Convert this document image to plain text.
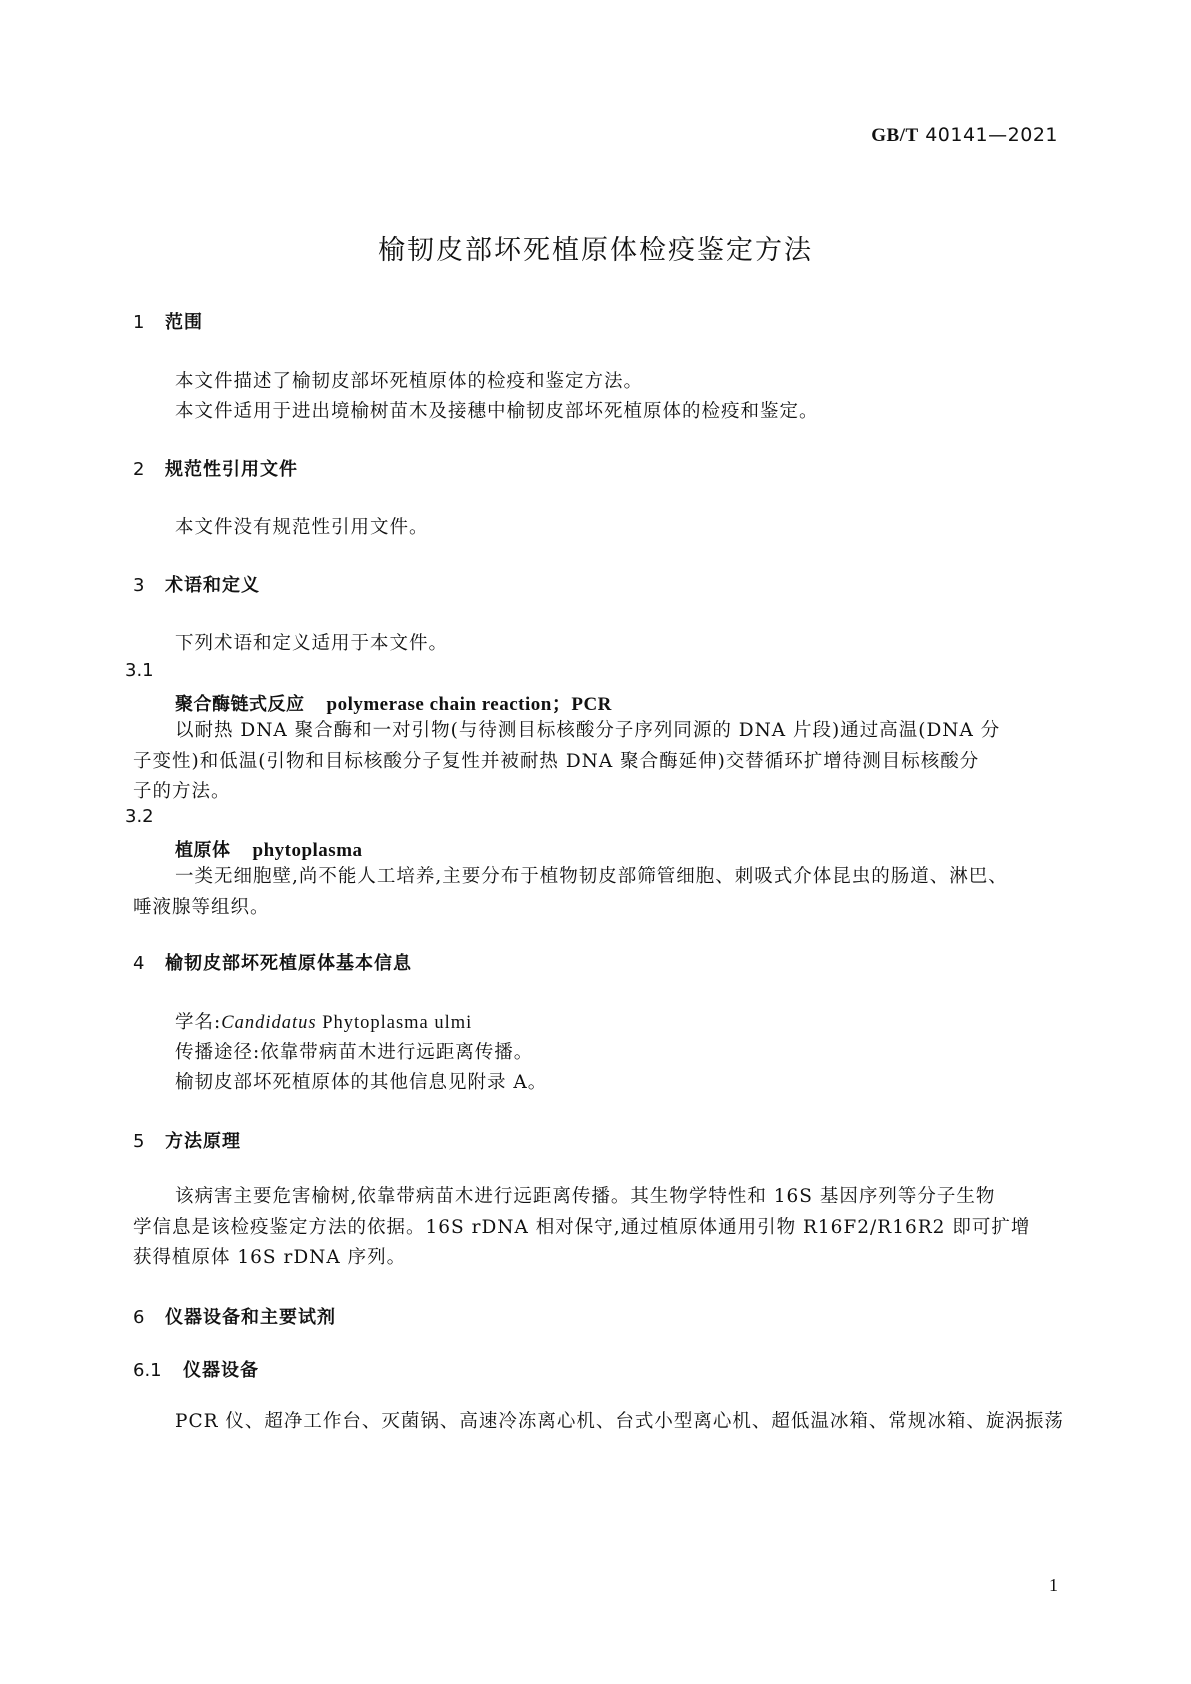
GB/T 40141—2021
榆韧皮部坏死植原体检疫鉴定方法
1 范围
本文件描述了榆韧皮部坏死植原体的检疫和鉴定方法。
本文件适用于进出境榆树苗木及接穗中榆韧皮部坏死植原体的检疫和鉴定。
2 规范性引用文件
本文件没有规范性引用文件。
3 术语和定义
下列术语和定义适用于本文件。
3.1
聚合酶链式反应 polymerase chain reaction；PCR
以耐热 DNA 聚合酶和一对引物(与待测目标核酸分子序列同源的 DNA 片段)通过高温(DNA 分
子变性)和低温(引物和目标核酸分子复性并被耐热 DNA 聚合酶延伸)交替循环扩增待测目标核酸分
子的方法。
3.2
植原体 phytoplasma
一类无细胞壁,尚不能人工培养,主要分布于植物韧皮部筛管细胞、刺吸式介体昆虫的肠道、淋巴、
唾液腺等组织。
4 榆韧皮部坏死植原体基本信息
学名:Candidatus Phytoplasma ulmi
传播途径:依靠带病苗木进行远距离传播。
榆韧皮部坏死植原体的其他信息见附录 A。
5 方法原理
该病害主要危害榆树,依靠带病苗木进行远距离传播。其生物学特性和 16S 基因序列等分子生物
学信息是该检疫鉴定方法的依据。16S rDNA 相对保守,通过植原体通用引物 R16F2/R16R2 即可扩增
获得植原体 16S rDNA 序列。
6 仪器设备和主要试剂
6.1 仪器设备
PCR 仪、超净工作台、灭菌锅、高速冷冻离心机、台式小型离心机、超低温冰箱、常规冰箱、旋涡振荡
1
